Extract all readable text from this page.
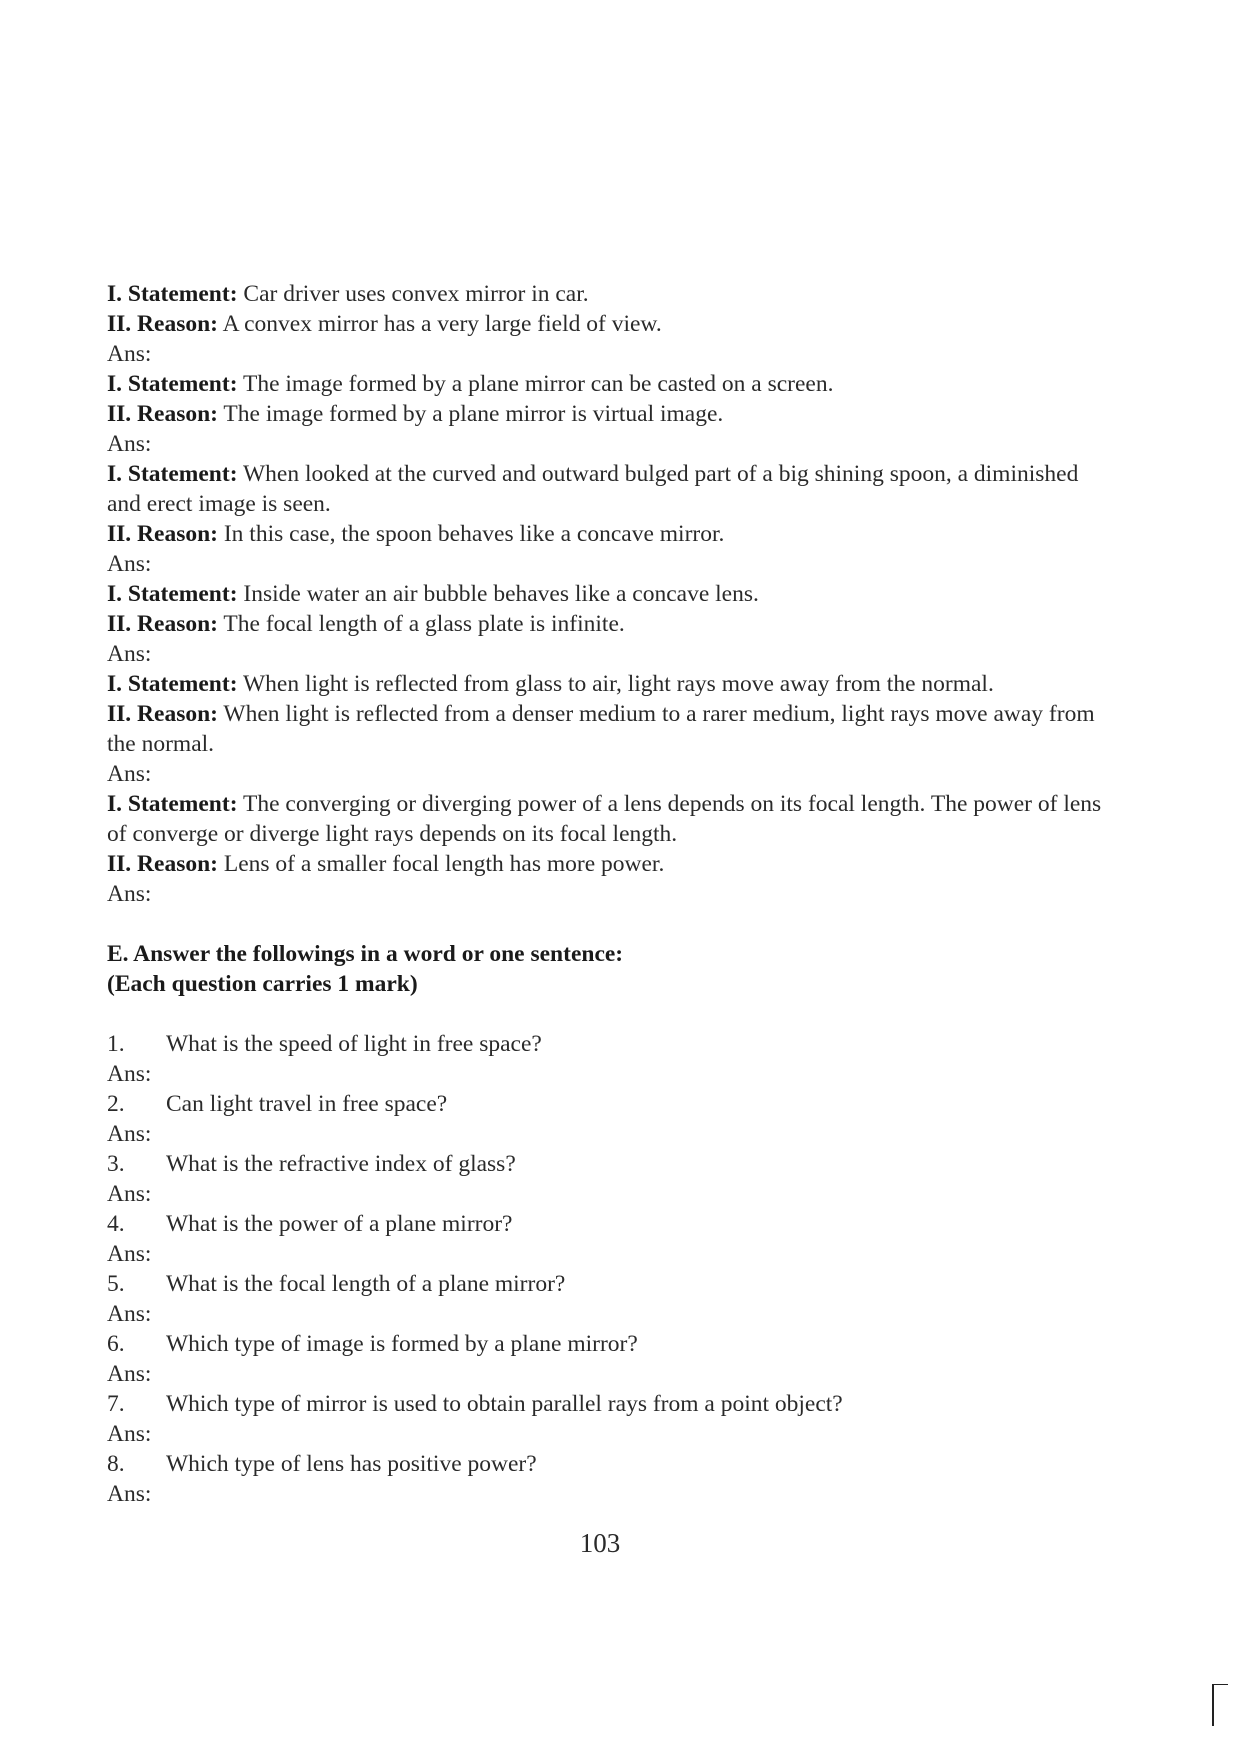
I. Statement: Car driver uses convex mirror in car.
II. Reason: A convex mirror has a very large field of view.
Ans:
I. Statement: The image formed by a plane mirror can be casted on a screen.
II. Reason: The image formed by a plane mirror is virtual image.
Ans:
I. Statement: When looked at the curved and outward bulged part of a big shining spoon, a diminished and erect image is seen.
II. Reason: In this case, the spoon behaves like a concave mirror.
Ans:
I. Statement: Inside water an air bubble behaves like a concave lens.
II. Reason: The focal length of a glass plate is infinite.
Ans:
I. Statement: When light is reflected from glass to air, light rays move away from the normal.
II. Reason: When light is reflected from a denser medium to a rarer medium, light rays move away from the normal.
Ans:
I. Statement: The converging or diverging power of a lens depends on its focal length. The power of lens of converge or diverge light rays depends on its focal length.
II. Reason: Lens of a smaller focal length has more power.
Ans:
E. Answer the followings in a word or one sentence:
(Each question carries 1 mark)
1.	What is the speed of light in free space?
Ans:
2.	Can light travel in free space?
Ans:
3.	What is the refractive index of glass?
Ans:
4.	What is the power of a plane mirror?
Ans:
5.	What is the focal length of a plane mirror?
Ans:
6.	Which type of image is formed by a plane mirror?
Ans:
7.	Which type of mirror is used to obtain parallel rays from a point object?
Ans:
8.	Which type of lens has positive power?
Ans:
103
